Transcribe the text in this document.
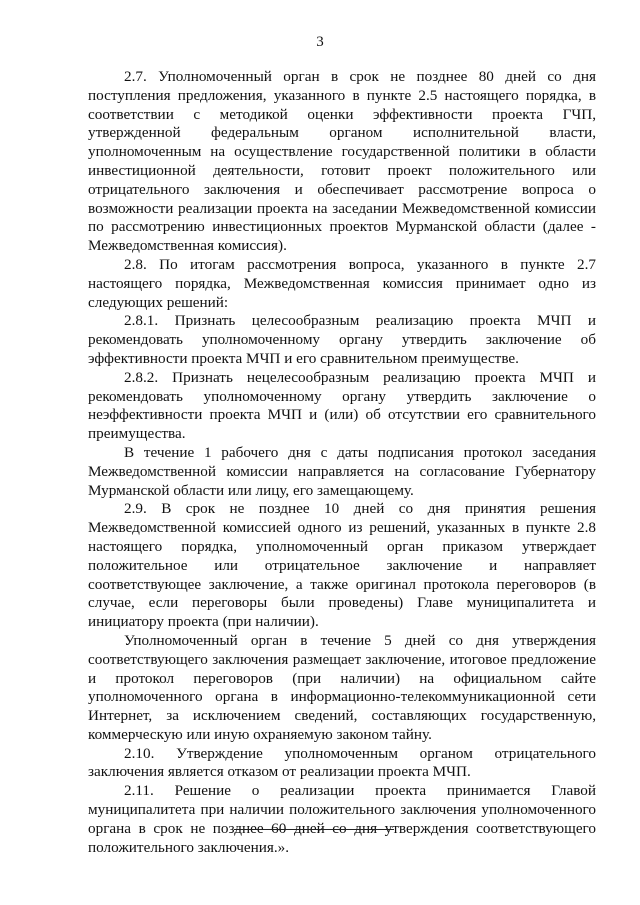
3

2.7. Уполномоченный орган в срок не позднее 80 дней со дня поступления предложения, указанного в пункте 2.5 настоящего порядка, в соответствии с методикой оценки эффективности проекта ГЧП, утвержденной федеральным органом исполнительной власти, уполномоченным на осуществление государственной политики в области инвестиционной деятельности, готовит проект положительного или отрицательного заключения и обеспечивает рассмотрение вопроса о возможности реализации проекта на заседании Межведомственной комиссии по рассмотрению инвестиционных проектов Мурманской области (далее - Межведомственная комиссия).

2.8. По итогам рассмотрения вопроса, указанного в пункте 2.7 настоящего порядка, Межведомственная комиссия принимает одно из следующих решений:

2.8.1. Признать целесообразным реализацию проекта МЧП и рекомендовать уполномоченному органу утвердить заключение об эффективности проекта МЧП и его сравнительном преимуществе.

2.8.2. Признать нецелесообразным реализацию проекта МЧП и рекомендовать уполномоченному органу утвердить заключение о неэффективности проекта МЧП и (или) об отсутствии его сравнительного преимущества.

В течение 1 рабочего дня с даты подписания протокол заседания Межведомственной комиссии направляется на согласование Губернатору Мурманской области или лицу, его замещающему.

2.9. В срок не позднее 10 дней со дня принятия решения Межведомственной комиссией одного из решений, указанных в пункте 2.8 настоящего порядка, уполномоченный орган приказом утверждает положительное или отрицательное заключение и направляет соответствующее заключение, а также оригинал протокола переговоров (в случае, если переговоры были проведены) Главе муниципалитета и инициатору проекта (при наличии).

Уполномоченный орган в течение 5 дней со дня утверждения соответствующего заключения размещает заключение, итоговое предложение и протокол переговоров (при наличии) на официальном сайте уполномоченного органа в информационно-телекоммуникационной сети Интернет, за исключением сведений, составляющих государственную, коммерческую или иную охраняемую законом тайну.

2.10. Утверждение уполномоченным органом отрицательного заключения является отказом от реализации проекта МЧП.

2.11. Решение о реализации проекта принимается Главой муниципалитета при наличии положительного заключения уполномоченного органа в срок не позднее 60 дней со дня утверждения соответствующего положительного заключения.».
